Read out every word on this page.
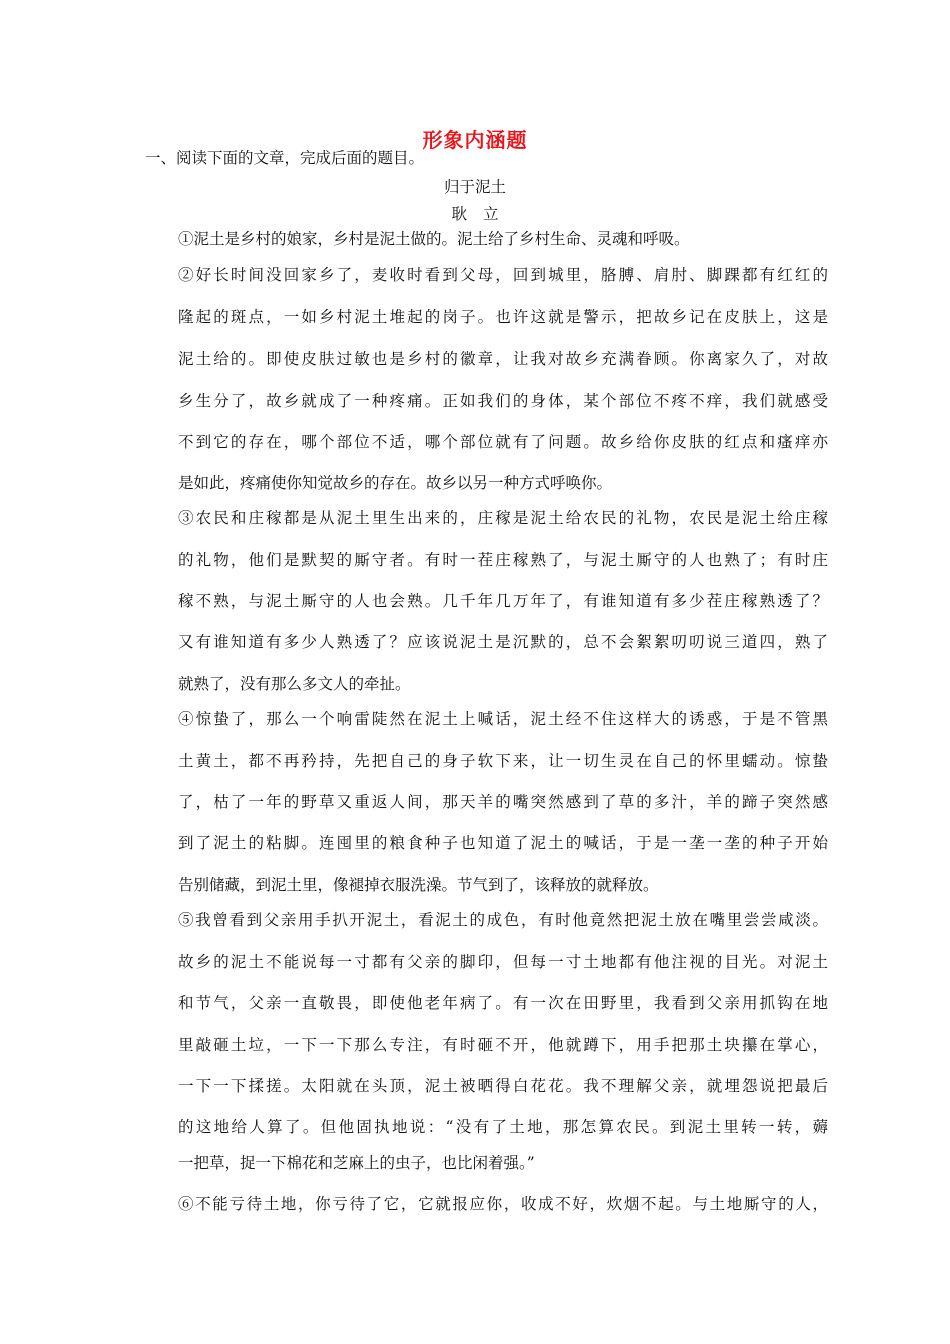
形象内涵题
一、阅读下面的文章，完成后面的题目。
归于泥土
耿立
①泥土是乡村的娘家，乡村是泥土做的。泥土给了乡村生命、灵魂和呼吸。
②好长时间没回家乡了，麦收时看到父母，回到城里，胳膊、肩肘、脚踝都有红红的
隆起的斑点，一如乡村泥土堆起的岗子。也许这就是警示，把故乡记在皮肤上，这是
泥土给的。即使皮肤过敏也是乡村的徽章，让我对故乡充满眷顾。你离家久了，对故
乡生分了，故乡就成了一种疼痛。正如我们的身体，某个部位不疼不痒，我们就感受
不到它的存在，哪个部位不适，哪个部位就有了问题。故乡给你皮肤的红点和瘙痒亦
是如此，疼痛使你知觉故乡的存在。故乡以另一种方式呼唤你。
③农民和庄稼都是从泥土里生出来的，庄稼是泥土给农民的礼物，农民是泥土给庄稼
的礼物，他们是默契的厮守者。有时一茬庄稼熟了，与泥土厮守的人也熟了；有时庄
稼不熟，与泥土厮守的人也会熟。几千年几万年了，有谁知道有多少茬庄稼熟透了？
又有谁知道有多少人熟透了？应该说泥土是沉默的，总不会絮絮叨叨说三道四，熟了
就熟了，没有那么多文人的牵扯。
④惊蛰了，那么一个响雷陡然在泥土上喊话，泥土经不住这样大的诱惑，于是不管黑
土黄土，都不再矜持，先把自己的身子软下来，让一切生灵在自己的怀里蠕动。惊蛰
了，枯了一年的野草又重返人间，那天羊的嘴突然感到了草的多汁，羊的蹄子突然感
到了泥土的粘脚。连囤里的粮食种子也知道了泥土的喊话，于是一垄一垄的种子开始
告别储藏，到泥土里，像褪掉衣服洗澡。节气到了，该释放的就释放。
⑤我曾看到父亲用手扒开泥土，看泥土的成色，有时他竟然把泥土放在嘴里尝尝咸淡。
故乡的泥土不能说每一寸都有父亲的脚印，但每一寸土地都有他注视的目光。对泥土
和节气，父亲一直敬畏，即使他老年病了。有一次在田野里，我看到父亲用抓钩在地
里敲砸土垃，一下一下那么专注，有时砸不开，他就蹲下，用手把那土块攥在掌心，
一下一下揉搓。太阳就在头顶，泥土被晒得白花花。我不理解父亲，就埋怨说把最后
的这地给人算了。但他固执地说：“没有了土地，那怎算农民。到泥土里转一转，薅
一把草，捉一下棉花和芝麻上的虫子，也比闲着强。”
⑥不能亏待土地，你亏待了它，它就报应你，收成不好，炊烟不起。与土地厮守的人，
